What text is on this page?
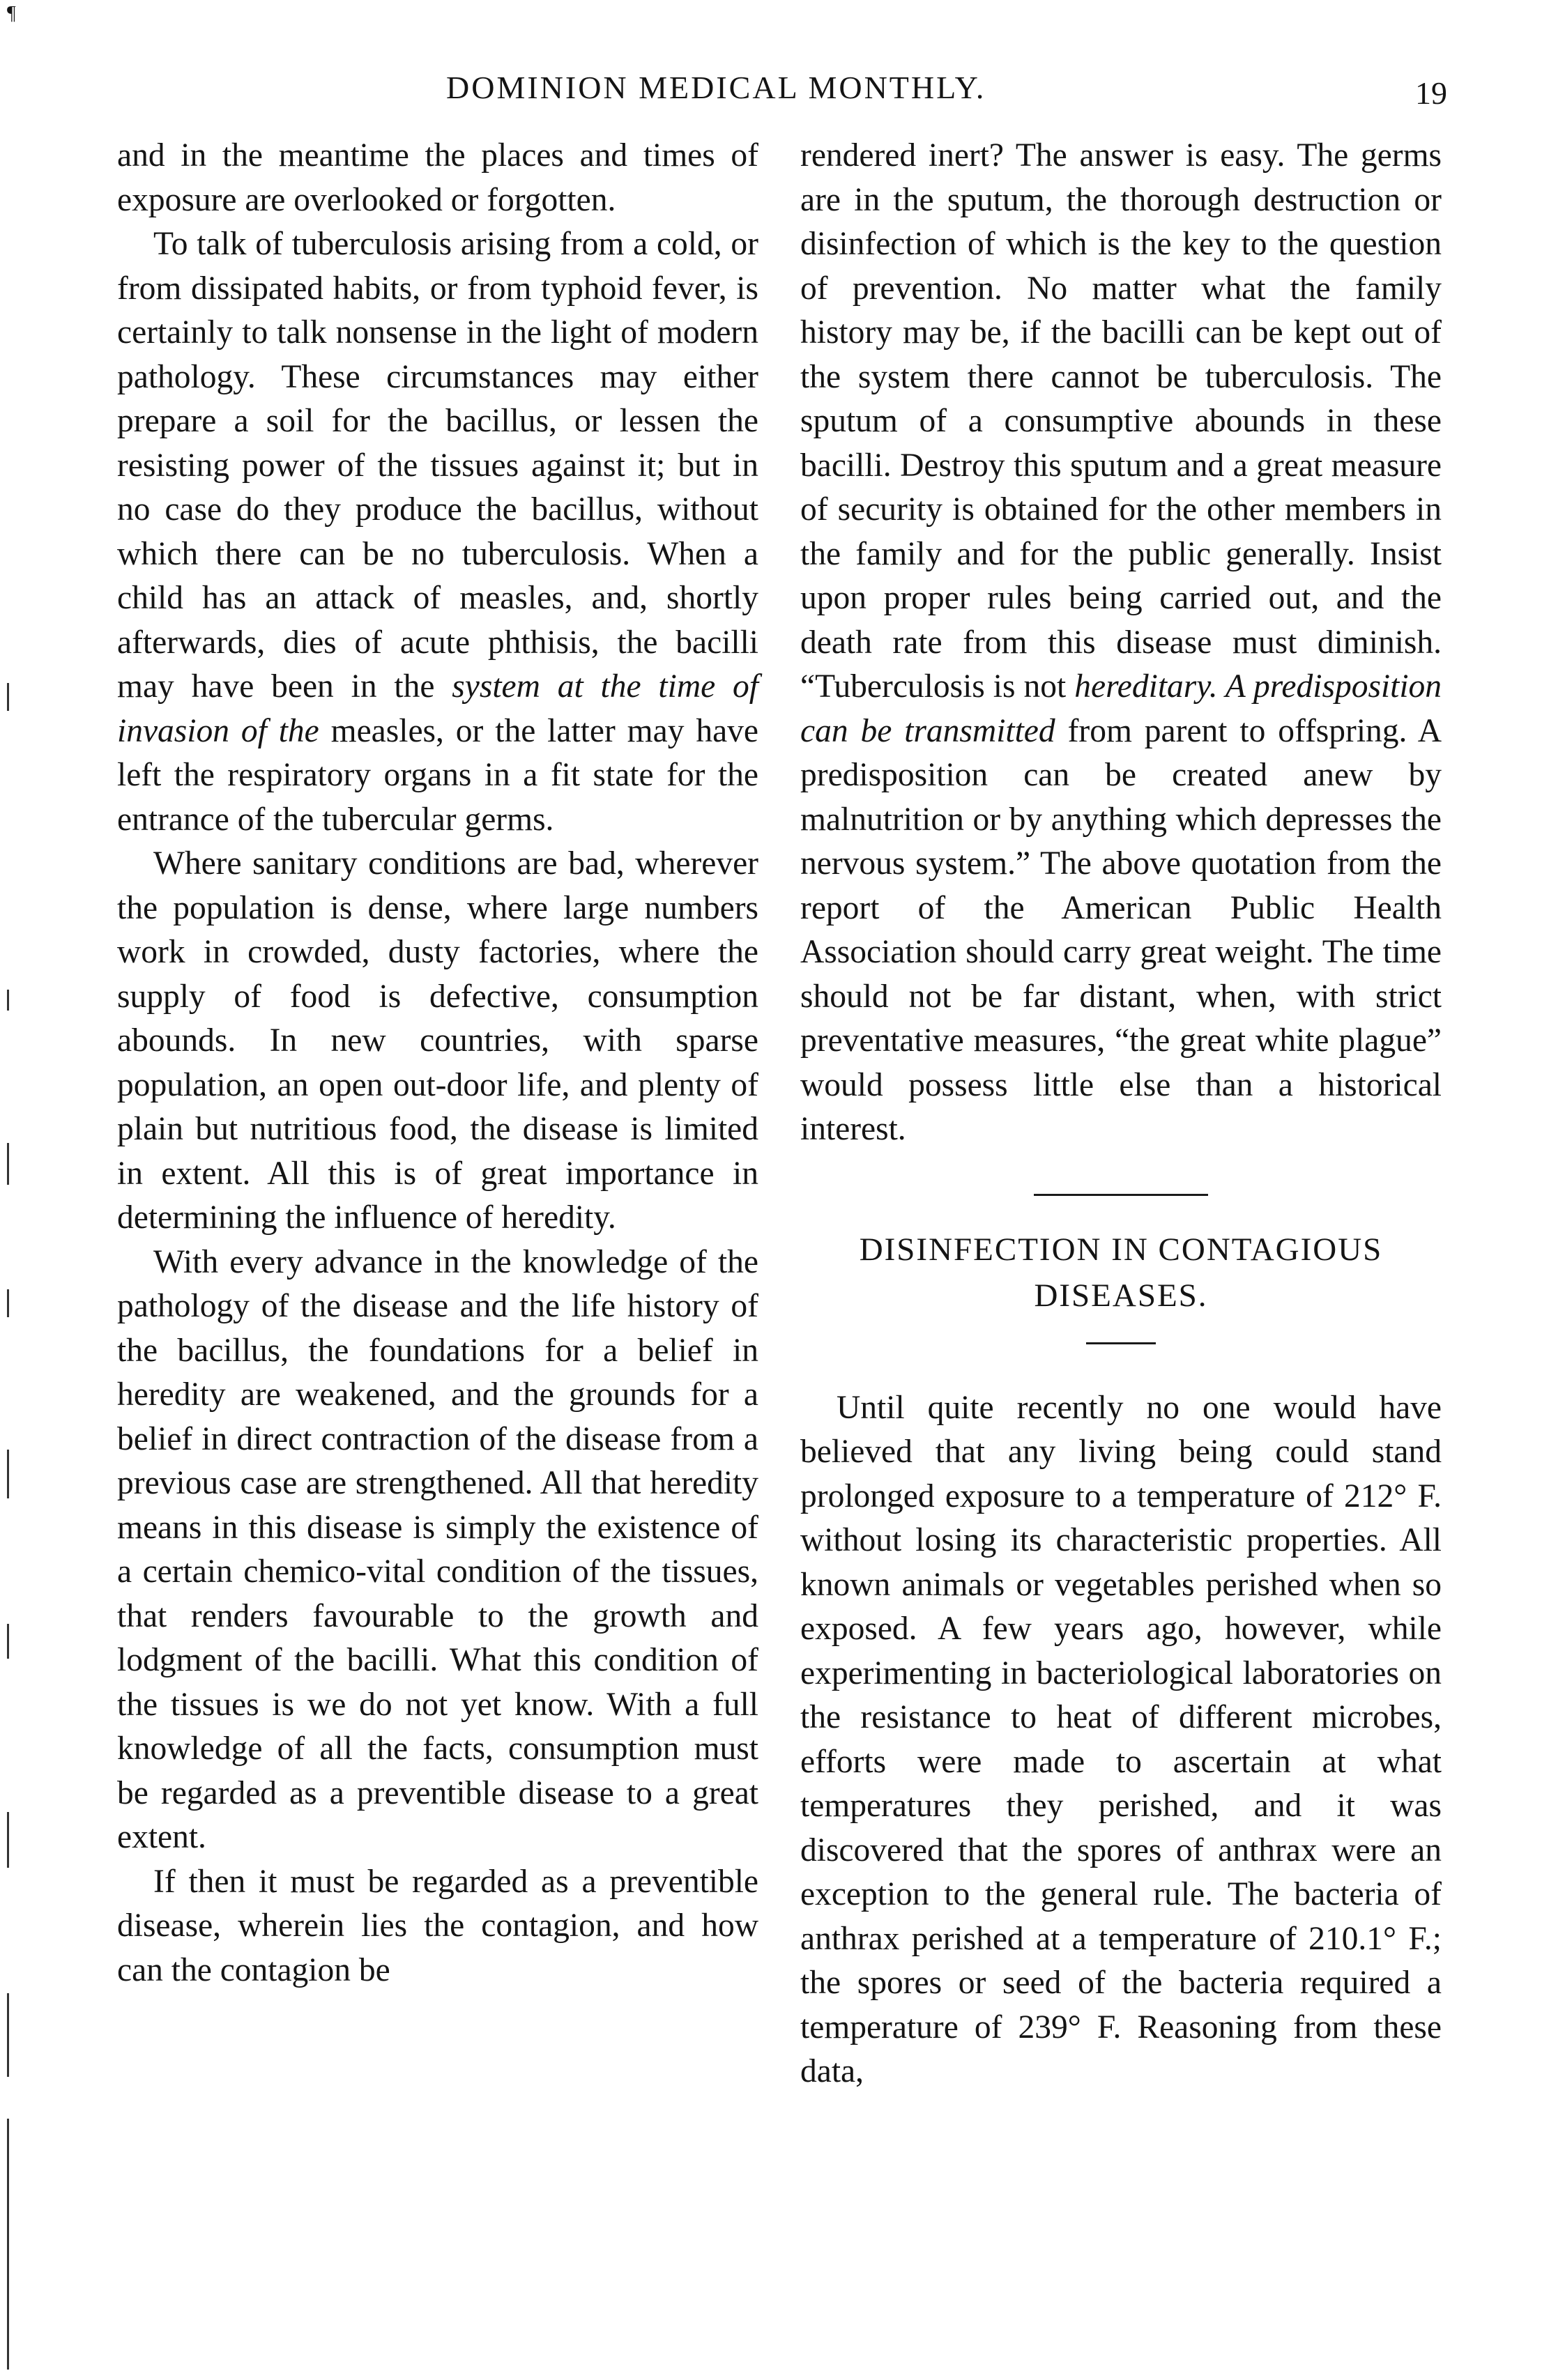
¶
DOMINION MEDICAL MONTHLY.	19

and in the meantime the places and times of exposure are overlooked or forgotten.

To talk of tuberculosis arising from a cold, or from dissipated habits, or from typhoid fever, is certainly to talk nonsense in the light of modern pathology. These circumstances may either prepare a soil for the bacillus, or lessen the resisting power of the tissues against it; but in no case do they produce the bacillus, without which there can be no tuberculosis. When a child has an attack of measles, and, shortly afterwards, dies of acute phthisis, the bacilli may have been in the system at the time of invasion of the measles, or the latter may have left the respiratory organs in a fit state for the entrance of the tubercular germs.

Where sanitary conditions are bad, wherever the population is dense, where large numbers work in crowded, dusty factories, where the supply of food is defective, consumption abounds. In new countries, with sparse population, an open out-door life, and plenty of plain but nutritious food, the disease is limited in extent. All this is of great importance in determining the influence of heredity.

With every advance in the knowledge of the pathology of the disease and the life history of the bacillus, the foundations for a belief in heredity are weakened, and the grounds for a belief in direct contraction of the disease from a previous case are strengthened. All that heredity means in this disease is simply the existence of a certain chemico-vital condition of the tissues, that renders favourable to the growth and lodgment of the bacilli. What this condition of the tissues is we do not yet know. With a full knowledge of all the facts, consumption must be regarded as a preventible disease to a great extent.

If then it must be regarded as a preventible disease, wherein lies the contagion, and how can the contagion be

rendered inert? The answer is easy. The germs are in the sputum, the thorough destruction or disinfection of which is the key to the question of prevention. No matter what the family history may be, if the bacilli can be kept out of the system there cannot be tuberculosis. The sputum of a consumptive abounds in these bacilli. Destroy this sputum and a great measure of security is obtained for the other members in the family and for the public generally. Insist upon proper rules being carried out, and the death rate from this disease must diminish. “Tuberculosis is not hereditary. A predisposition can be transmitted from parent to offspring. A predisposition can be created anew by malnutrition or by anything which depresses the nervous system.” The above quotation from the report of the American Public Health Association should carry great weight. The time should not be far distant, when, with strict preventative measures, “the great white plague” would possess little else than a historical interest.

DISINFECTION IN CONTAGIOUS
DISEASES.

Until quite recently no one would have believed that any living being could stand prolonged exposure to a temperature of 212° F. without losing its characteristic properties. All known animals or vegetables perished when so exposed. A few years ago, however, while experimenting in bacteriological laboratories on the resistance to heat of different microbes, efforts were made to ascertain at what temperatures they perished, and it was discovered that the spores of anthrax were an exception to the general rule. The bacteria of anthrax perished at a temperature of 210.1° F.; the spores or seed of the bacteria required a temperature of 239° F. Reasoning from these data,
